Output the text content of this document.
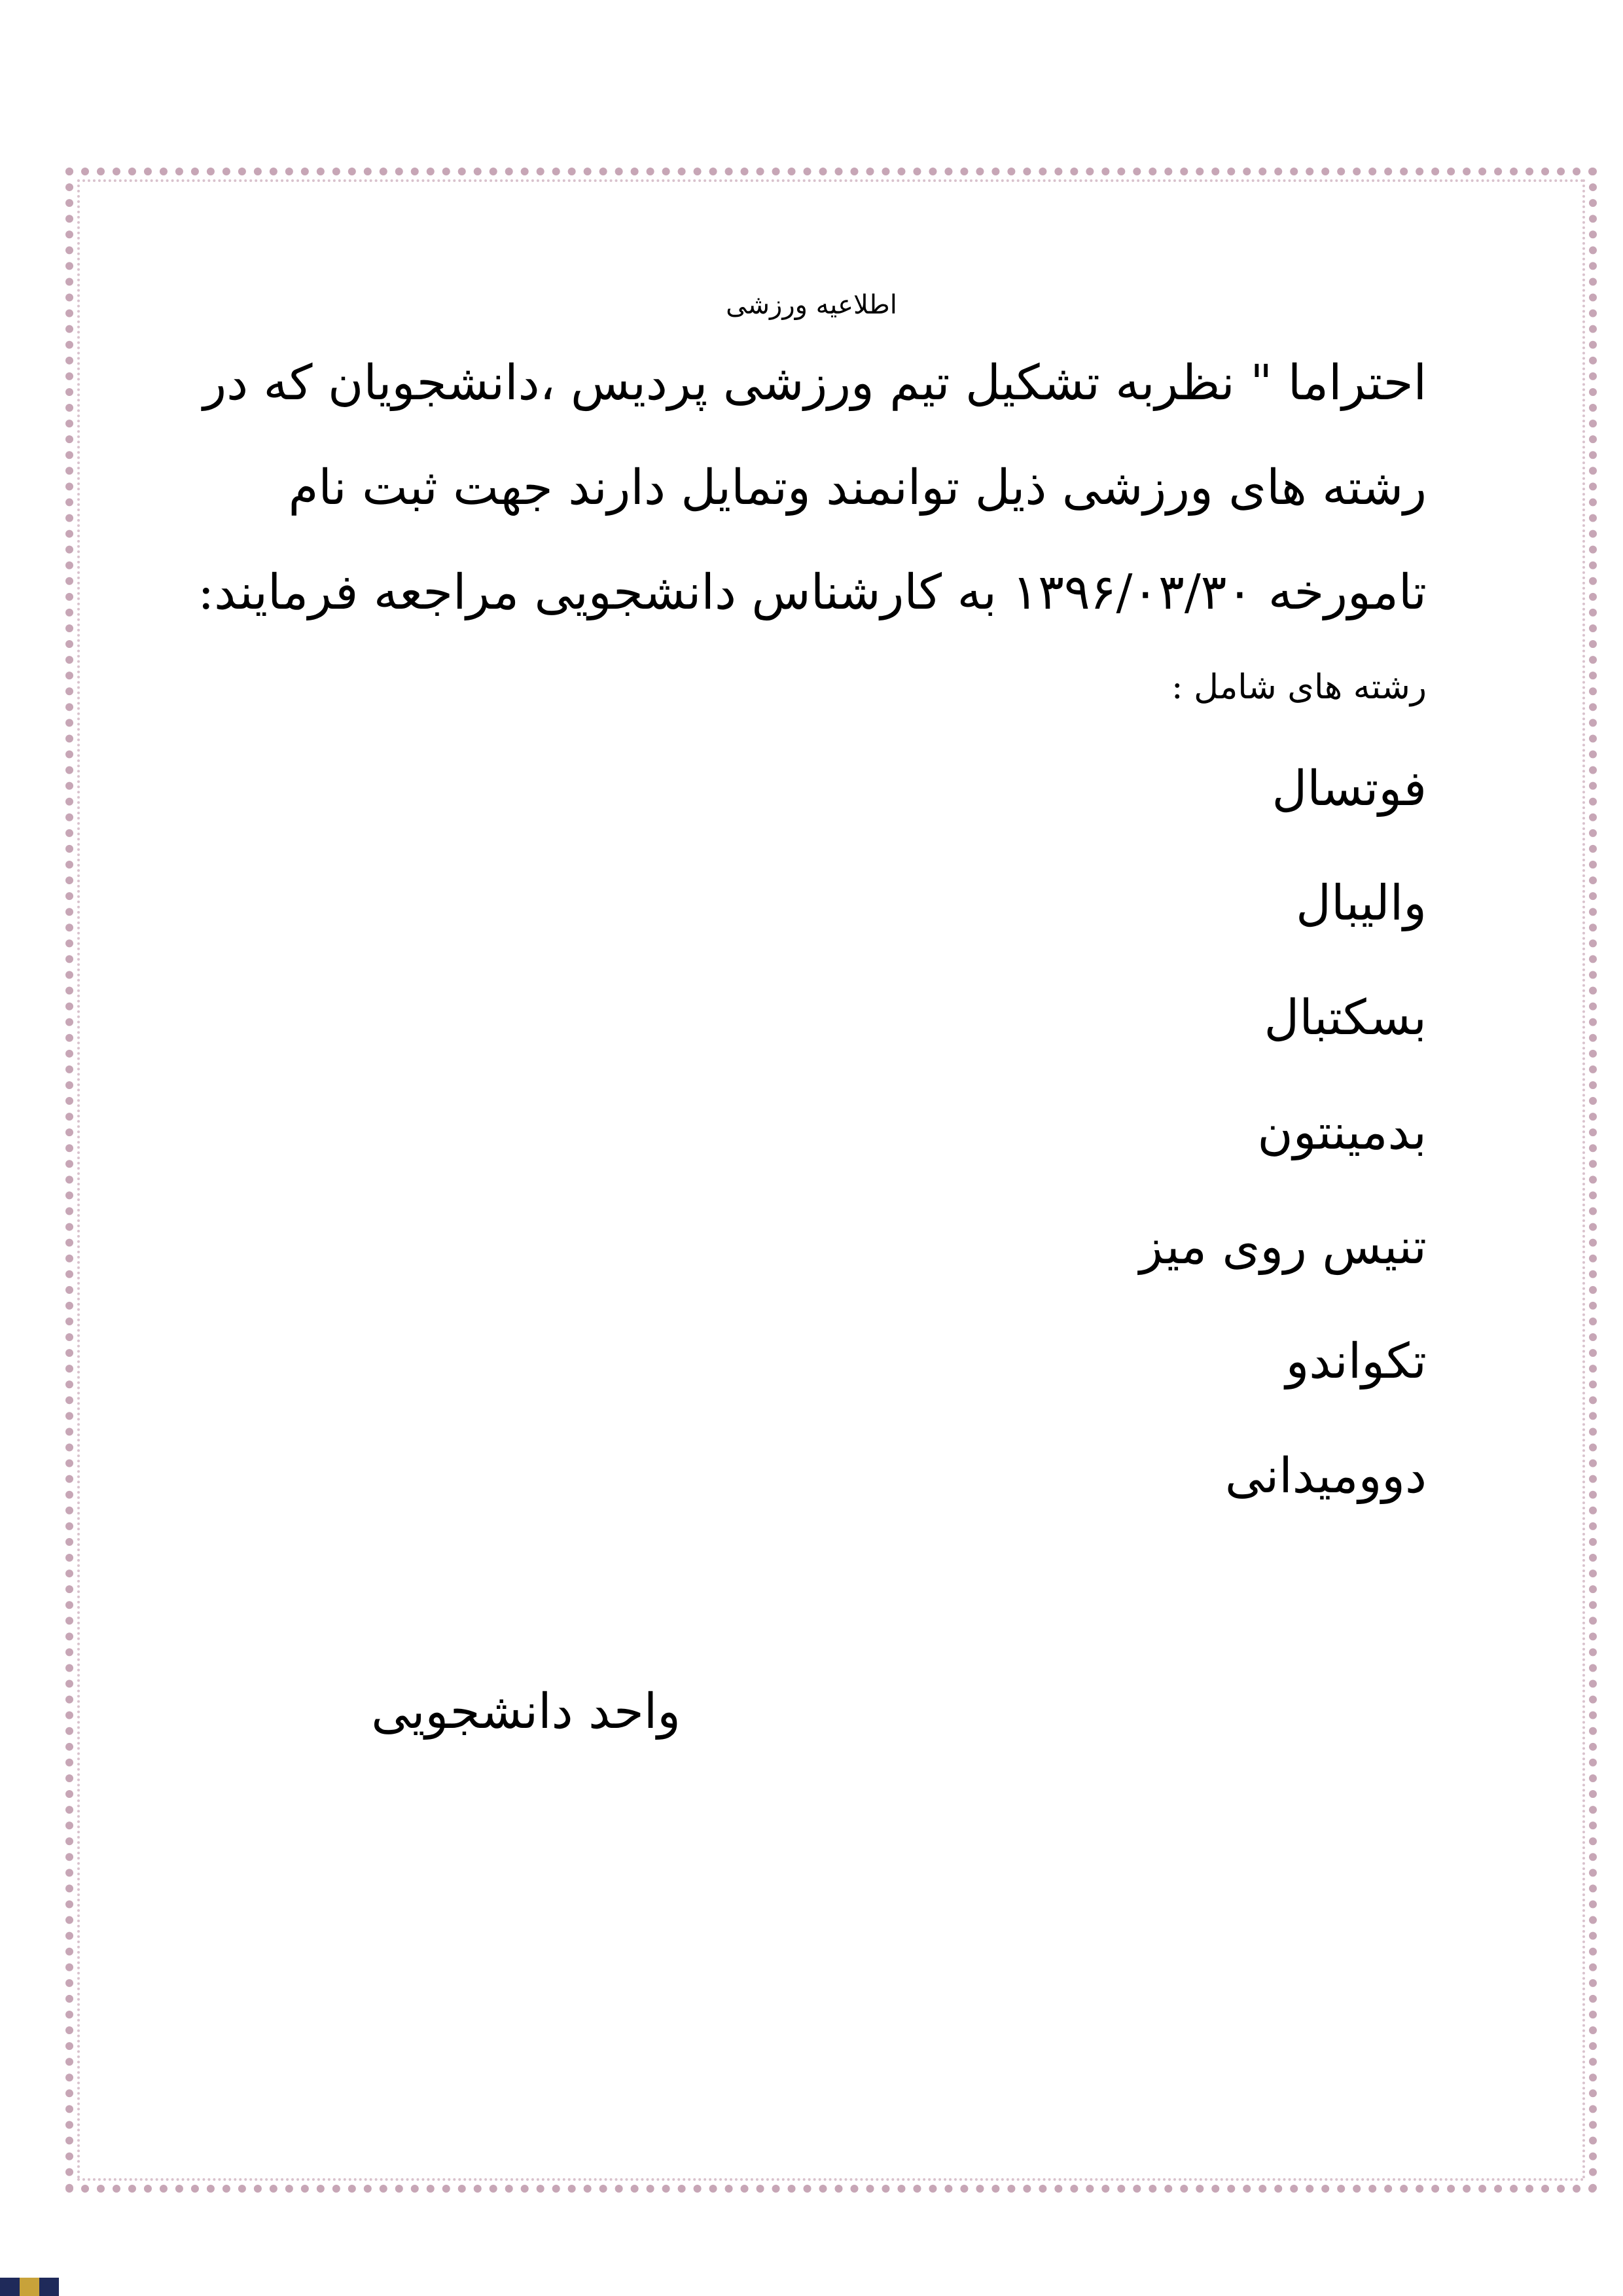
اطلاعیه ورزشی
احتراما " نظربه تشکیل تیم ورزشی پردیس ،دانشجویان که در
رشته های ورزشی ذیل توانمند وتمایل دارند جهت ثبت نام
تامورخه ۱۳۹۶/۰۳/۳۰ به کارشناس دانشجویی مراجعه فرمایند:
رشته های شامل :
فوتسال
والیبال
بسکتبال
بدمینتون
تنیس روی میز
تکواندو
دوومیدانی
واحد دانشجویی
